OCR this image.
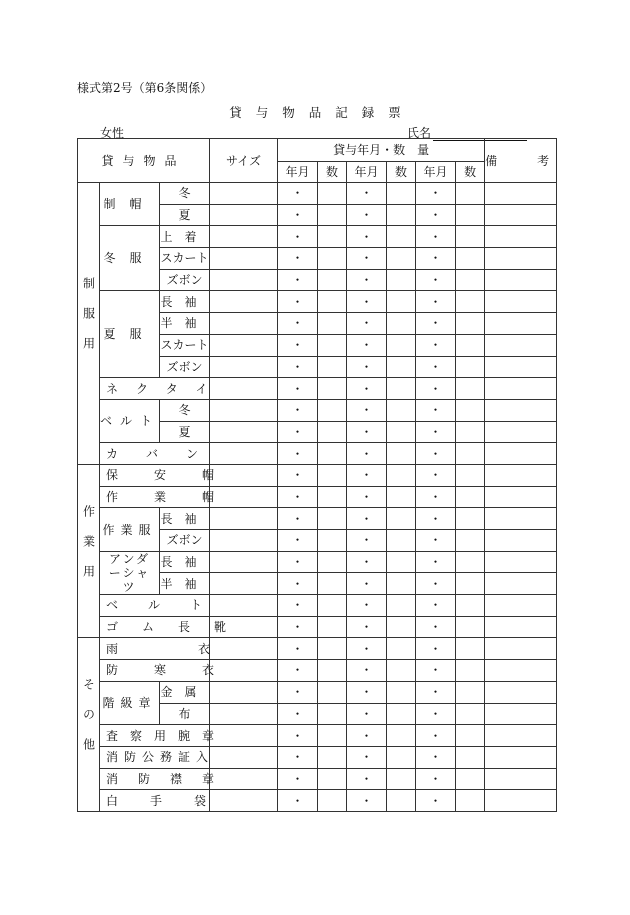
様式第2号（第6条関係）
貸与物品記録票
女性	氏名
貸与物品			サイズ	貸与年月・数　量						備　考
				年月	数	年月	数	年月	数	
制服用	制帽	冬		・		・		・		
		夏		・		・		・		
	冬服	上着		・		・		・		
		スカート		・		・		・		
		ズボン		・		・		・		
	夏服	長袖		・		・		・		
		半袖		・		・		・		
		スカート		・		・		・		
		ズボン		・		・		・		
	ネクタイ			・		・		・		
	ベルト	冬		・		・		・		
		夏		・		・		・		
	カバン			・		・		・		
作業用	保安帽			・		・		・		
	作業帽			・		・		・		
	作業服	長袖		・		・		・		
		ズボン		・		・		・		
	アンダーシャツ	長袖		・		・		・		
		半袖		・		・		・		
	ベルト			・		・		・		
	ゴム長靴			・		・		・		
その他	雨衣			・		・		・		
	防寒衣			・		・		・		
	階級章	金属		・		・		・		
		布		・		・		・		
	査察用腕章			・		・		・		
	消防公務証入			・		・		・		
	消防襟章			・		・		・		
	白手袋			・		・		・		
